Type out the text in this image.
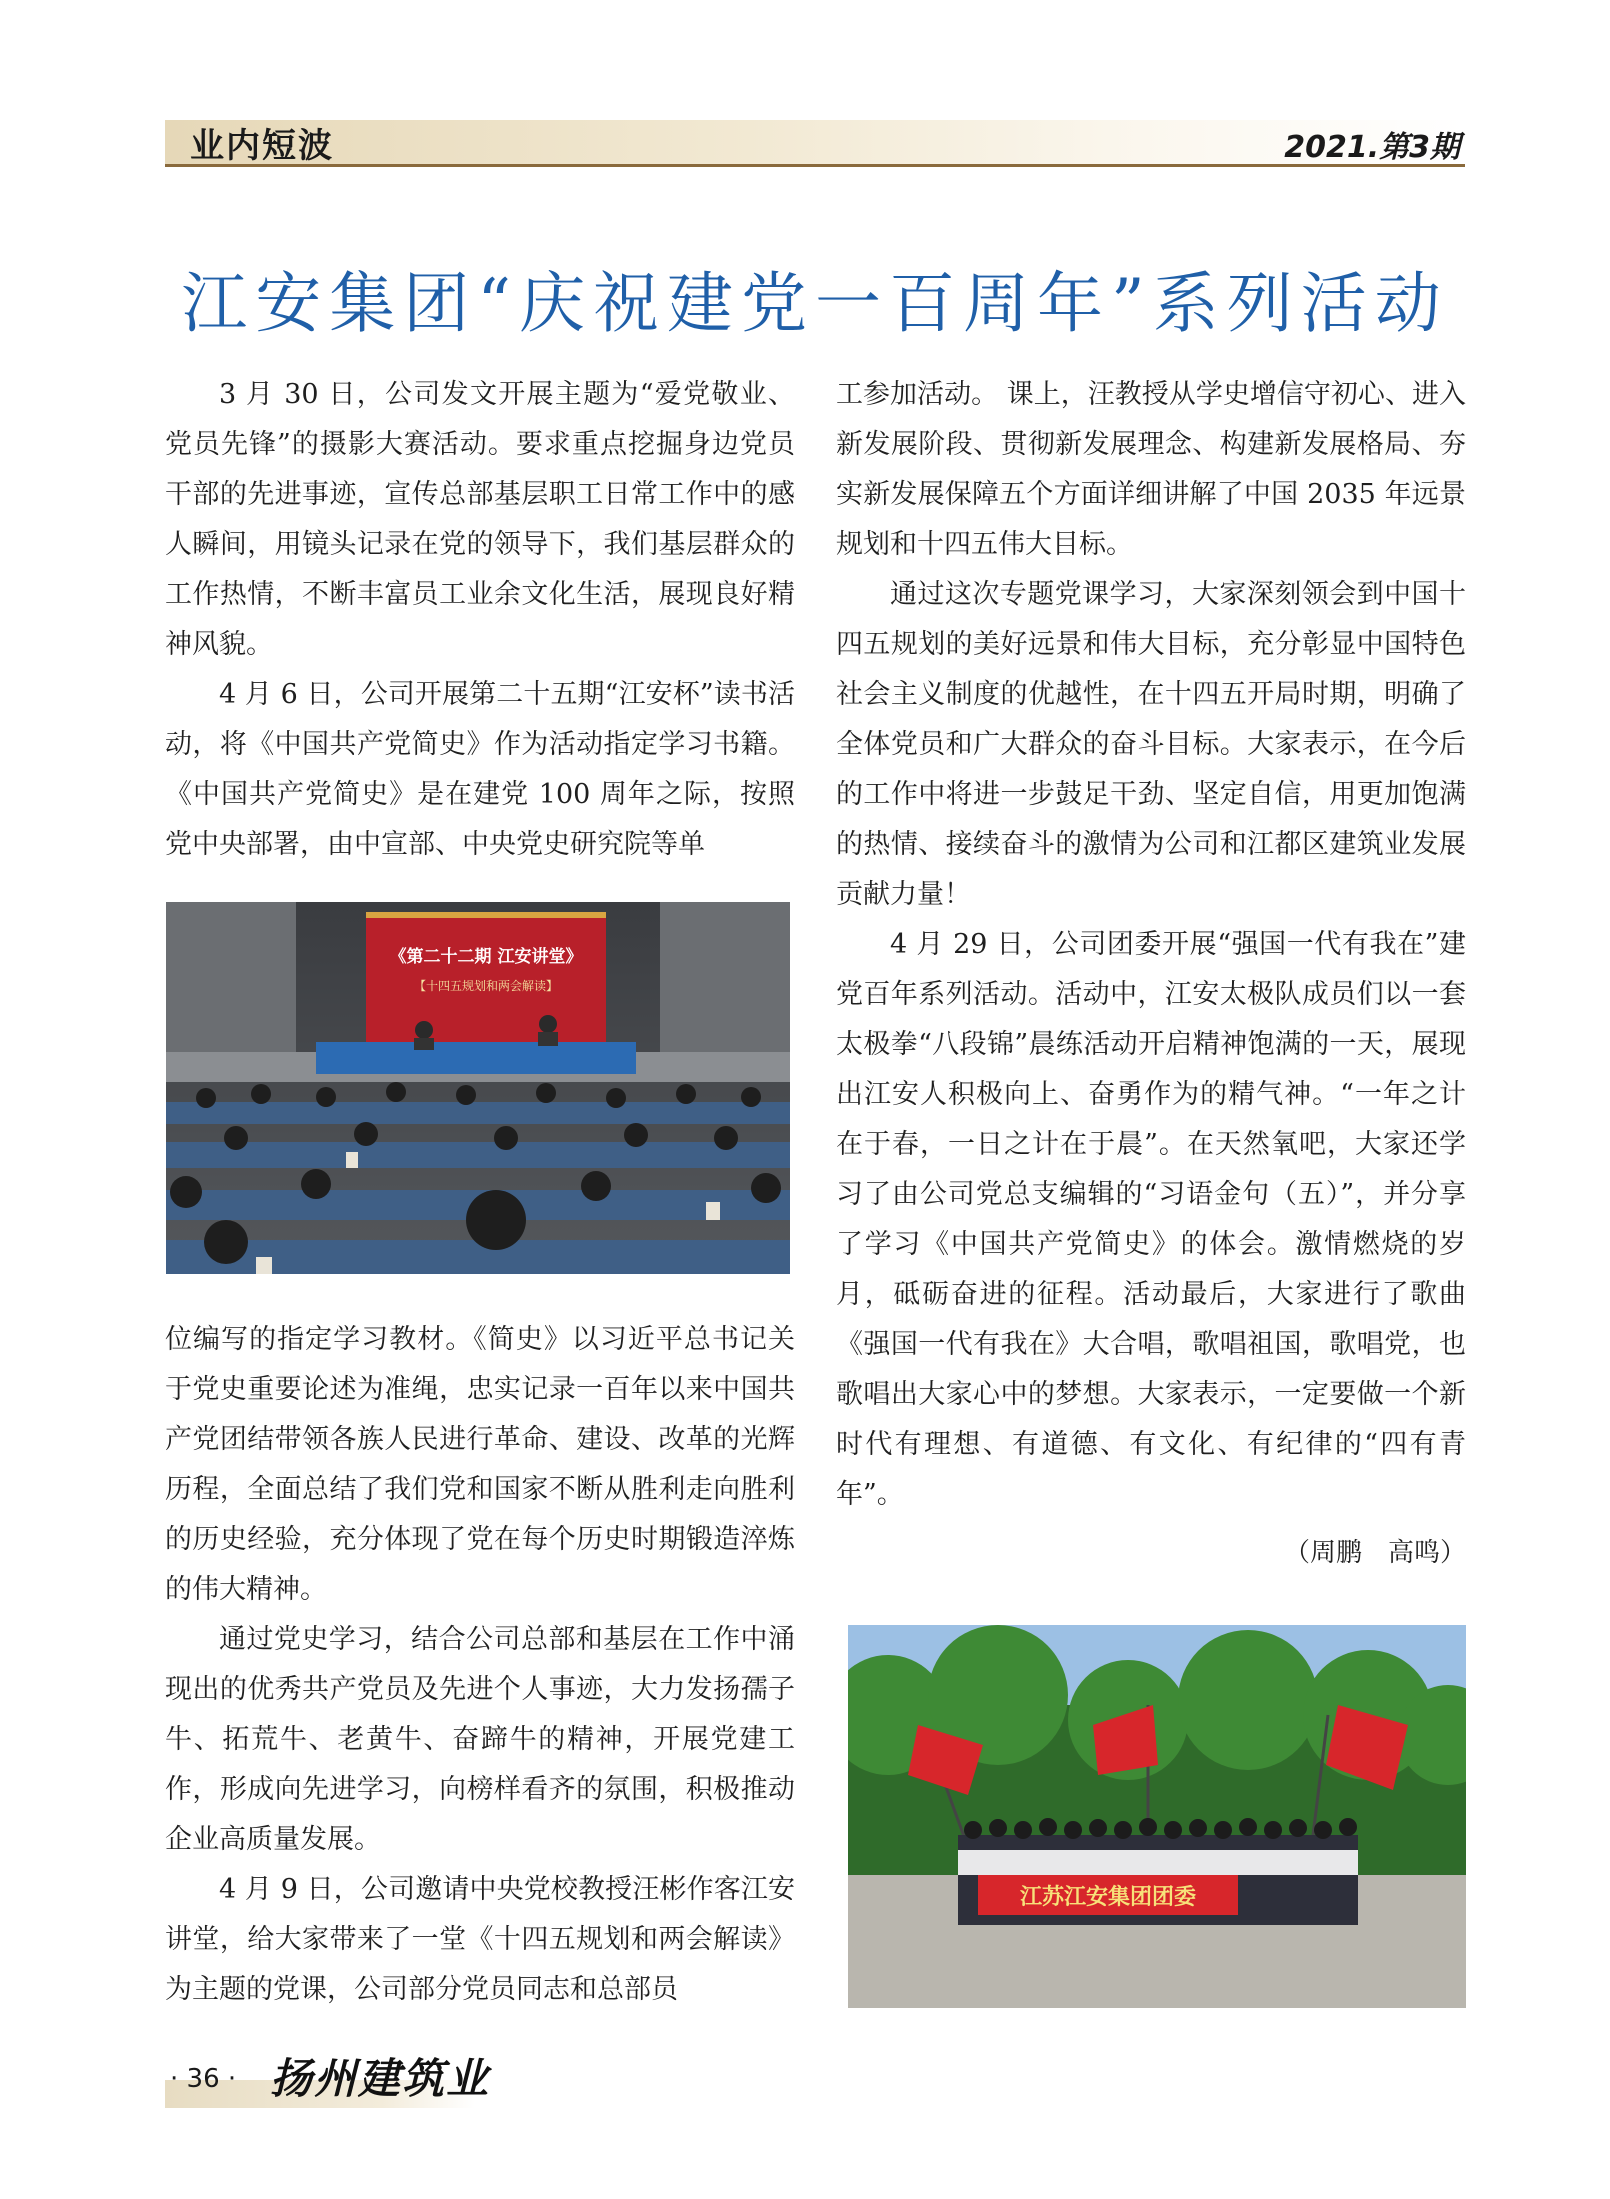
业内短波	2021.第3期
江安集团“庆祝建党一百周年”系列活动

3 月 30 日，公司发文开展主题为“爱党敬业、党员先锋”的摄影大赛活动。要求重点挖掘身边党员干部的先进事迹，宣传总部基层职工日常工作中的感人瞬间，用镜头记录在党的领导下，我们基层群众的工作热情，不断丰富员工业余文化生活，展现良好精神风貌。

4 月 6 日，公司开展第二十五期“江安杯”读书活动，将《中国共产党简史》作为活动指定学习书籍。《中国共产党简史》是在建党 100 周年之际，按照党中央部署，由中宣部、中央党史研究院等单

《第二十二期 江安讲堂》
【十四五规划和两会解读】

位编写的指定学习教材。《简史》以习近平总书记关于党史重要论述为准绳，忠实记录一百年以来中国共产党团结带领各族人民进行革命、建设、改革的光辉历程，全面总结了我们党和国家不断从胜利走向胜利的历史经验，充分体现了党在每个历史时期锻造淬炼的伟大精神。

通过党史学习，结合公司总部和基层在工作中涌现出的优秀共产党员及先进个人事迹，大力发扬孺子牛、拓荒牛、老黄牛、奋蹄牛的精神，开展党建工作，形成向先进学习，向榜样看齐的氛围，积极推动企业高质量发展。

4 月 9 日，公司邀请中央党校教授汪彬作客江安讲堂，给大家带来了一堂《十四五规划和两会解读》为主题的党课，公司部分党员同志和总部员

工参加活动。 课上，汪教授从学史增信守初心、进入新发展阶段、贯彻新发展理念、构建新发展格局、夯实新发展保障五个方面详细讲解了中国 2035 年远景规划和十四五伟大目标。

通过这次专题党课学习，大家深刻领会到中国十四五规划的美好远景和伟大目标，充分彰显中国特色社会主义制度的优越性，在十四五开局时期，明确了全体党员和广大群众的奋斗目标。大家表示，在今后的工作中将进一步鼓足干劲、坚定自信，用更加饱满的热情、接续奋斗的激情为公司和江都区建筑业发展贡献力量！

4 月 29 日，公司团委开展“强国一代有我在”建党百年系列活动。活动中，江安太极队成员们以一套太极拳“八段锦”晨练活动开启精神饱满的一天，展现出江安人积极向上、奋勇作为的精气神。“一年之计在于春，一日之计在于晨”。在天然氧吧，大家还学习了由公司党总支编辑的“习语金句（五）”，并分享了学习《中国共产党简史》的体会。激情燃烧的岁月，砥砺奋进的征程。活动最后，大家进行了歌曲《强国一代有我在》大合唱，歌唱祖国，歌唱党，也歌唱出大家心中的梦想。大家表示，一定要做一个新时代有理想、有道德、有文化、有纪律的“四有青年”。

（周鹏　高鸣）
江苏江安集团团委
· 36 · 扬州建筑业
